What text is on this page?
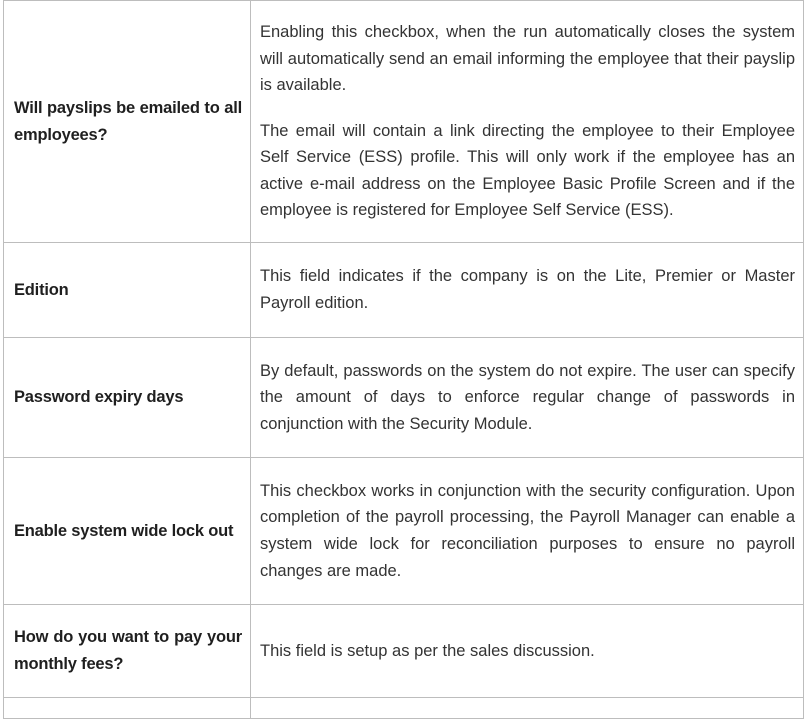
Will payslips be emailed to all employees?	Enabling this checkbox, when the run automatically closes the system will automatically send an email informing the employee that their payslip is available.

The email will contain a link directing the employee to their Employee Self Service (ESS) profile. This will only work if the employee has an active e-mail address on the Employee Basic Profile Screen and if the employee is registered for Employee Self Service (ESS).

Edition	This field indicates if the company is on the Lite, Premier or Master Payroll edition.

Password expiry days	By default, passwords on the system do not expire. The user can specify the amount of days to enforce regular change of passwords in conjunction with the Security Module.

Enable system wide lock out	This checkbox works in conjunction with the security configuration. Upon completion of the payroll processing, the Payroll Manager can enable a system wide lock for reconciliation purposes to ensure no payroll changes are made.

How do you want to pay your monthly fees?	This field is setup as per the sales discussion.
